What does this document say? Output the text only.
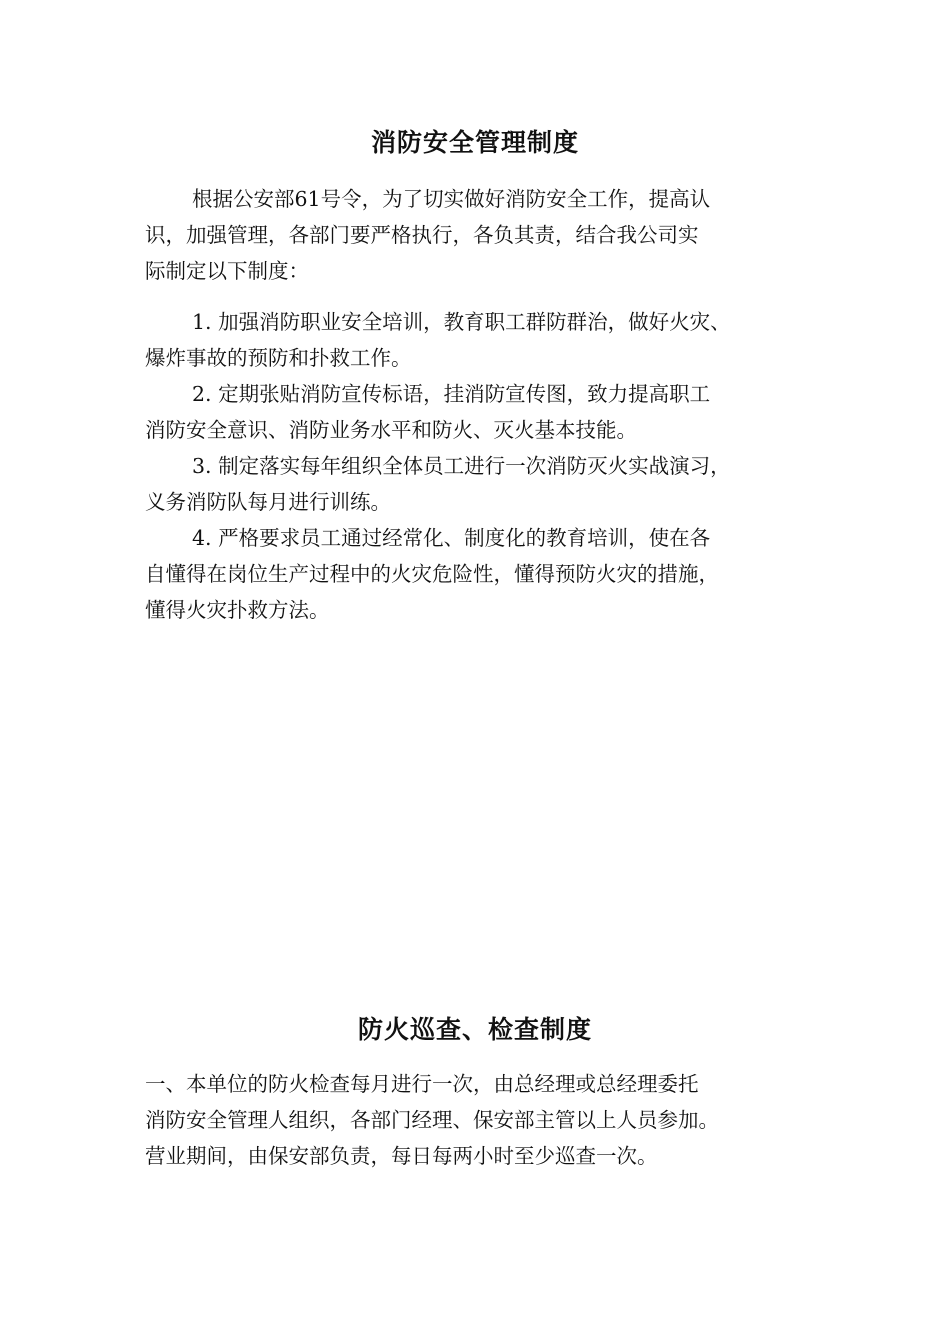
消防安全管理制度

根据公安部61号令，为了切实做好消防安全工作，提高认

识，加强管理，各部门要严格执行，各负其责，结合我公司实

际制定以下制度：

1. 加强消防职业安全培训，教育职工群防群治，做好火灾、

爆炸事故的预防和扑救工作。

2. 定期张贴消防宣传标语，挂消防宣传图，致力提高职工

消防安全意识、消防业务水平和防火、灭火基本技能。

3. 制定落实每年组织全体员工进行一次消防灭火实战演习，

义务消防队每月进行训练。

4. 严格要求员工通过经常化、制度化的教育培训，使在各

自懂得在岗位生产过程中的火灾危险性，懂得预防火灾的措施，

懂得火灾扑救方法。

防火巡查、检查制度

一、本单位的防火检查每月进行一次，由总经理或总经理委托

消防安全管理人组织，各部门经理、保安部主管以上人员参加。

营业期间，由保安部负责，每日每两小时至少巡查一次。
